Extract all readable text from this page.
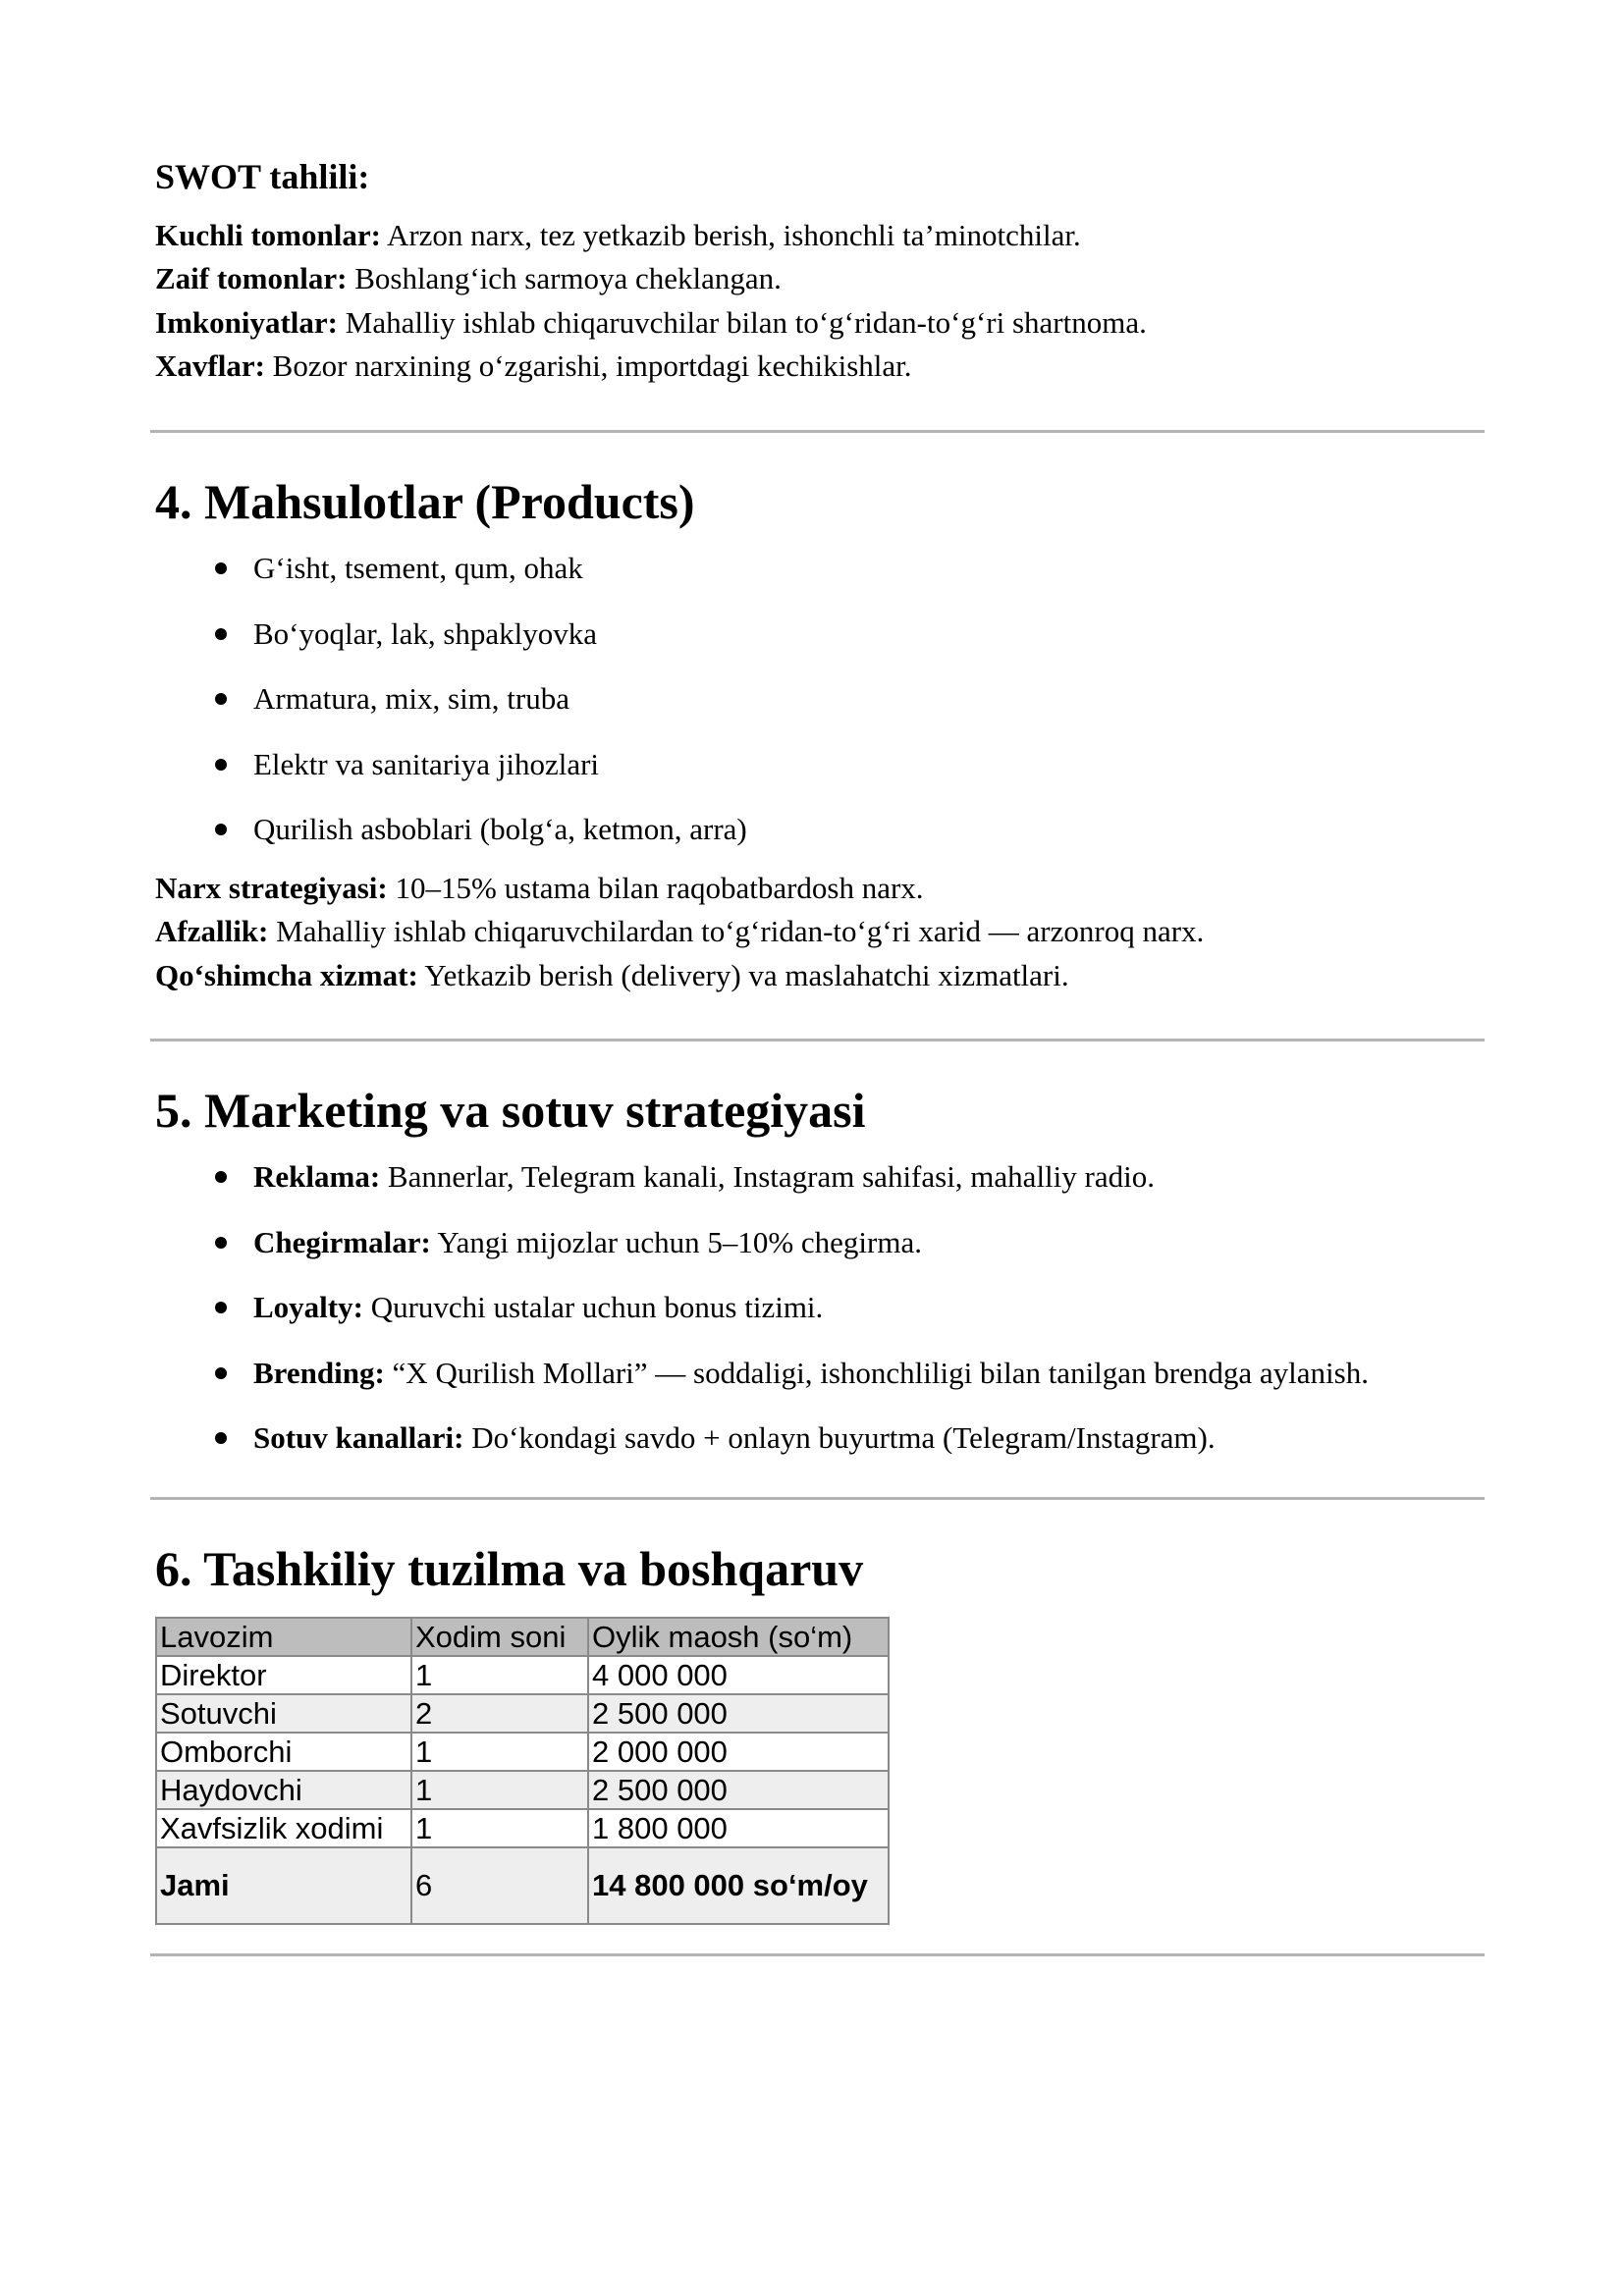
SWOT tahlili:
Kuchli tomonlar: Arzon narx, tez yetkazib berish, ishonchli ta’minotchilar.
Zaif tomonlar: Boshlang‘ich sarmoya cheklangan.
Imkoniyatlar: Mahalliy ishlab chiqaruvchilar bilan to‘g‘ridan-to‘g‘ri shartnoma.
Xavflar: Bozor narxining o‘zgarishi, importdagi kechikishlar.
4. Mahsulotlar (Products)
G‘isht, tsement, qum, ohak
Bo‘yoqlar, lak, shpaklyovka
Armatura, mix, sim, truba
Elektr va sanitariya jihozlari
Qurilish asboblari (bolg‘a, ketmon, arra)
Narx strategiyasi: 10–15% ustama bilan raqobatbardosh narx.
Afzallik: Mahalliy ishlab chiqaruvchilardan to‘g‘ridan-to‘g‘ri xarid — arzonroq narx.
Qo‘shimcha xizmat: Yetkazib berish (delivery) va maslahatchi xizmatlari.
5. Marketing va sotuv strategiyasi
Reklama: Bannerlar, Telegram kanali, Instagram sahifasi, mahalliy radio.
Chegirmalar: Yangi mijozlar uchun 5–10% chegirma.
Loyalty: Quruvchi ustalar uchun bonus tizimi.
Brending: “X Qurilish Mollari” — soddaligi, ishonchliligi bilan tanilgan brendga aylanish.
Sotuv kanallari: Do‘kondagi savdo + onlayn buyurtma (Telegram/Instagram).
6. Tashkiliy tuzilma va boshqaruv
Lavozim	Xodim soni	Oylik maosh (so‘m)
Direktor	1	4 000 000
Sotuvchi	2	2 500 000
Omborchi	1	2 000 000
Haydovchi	1	2 500 000
Xavfsizlik xodimi	1	1 800 000
Jami	6	14 800 000 so‘m/oy
